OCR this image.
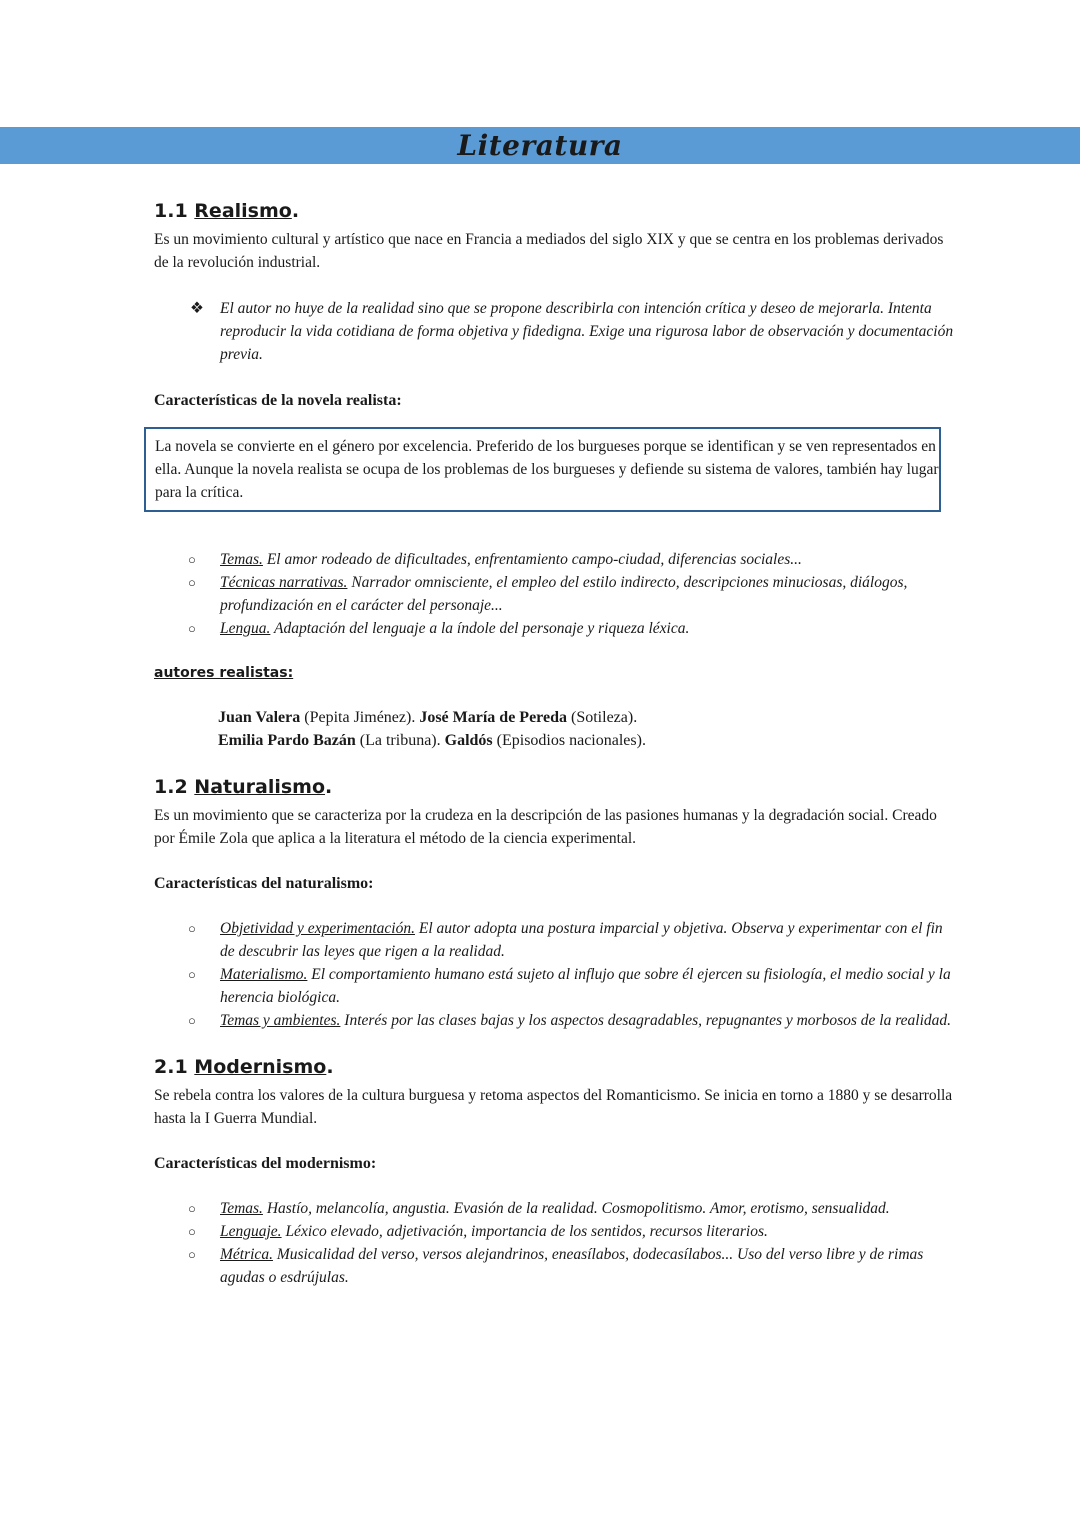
Literatura
1.1 Realismo.

Es un movimiento cultural y artístico que nace en Francia a mediados del siglo XIX y que se centra en los problemas derivados de la revolución industrial.

❖	El autor no huye de la realidad sino que se propone describirla con intención crítica y deseo de mejorarla. Intenta reproducir la vida cotidiana de forma objetiva y fidedigna. Exige una rigurosa labor de observación y documentación previa.

Características de la novela realista:

La novela se convierte en el género por excelencia. Preferido de los burgueses porque se identifican y se ven representados en ella. Aunque la novela realista se ocupa de los problemas de los burgueses y defiende su sistema de valores, también hay lugar para la crítica.
○	Temas. El amor rodeado de dificultades, enfrentamiento campo-ciudad, diferencias sociales...
○	Técnicas narrativas. Narrador omnisciente, el empleo del estilo indirecto, descripciones minuciosas, diálogos, profundización en el carácter del personaje...
○	Lengua. Adaptación del lenguaje a la índole del personaje y riqueza léxica.

autores realistas:

Juan Valera (Pepita Jiménez). José María de Pereda (Sotileza).
Emilia Pardo Bazán (La tribuna). Galdós (Episodios nacionales).
1.2 Naturalismo.

Es un movimiento que se caracteriza por la crudeza en la descripción de las pasiones humanas y la degradación social. Creado por Émile Zola que aplica a la literatura el método de la ciencia experimental.

Características del naturalismo:

○	Objetividad y experimentación. El autor adopta una postura imparcial y objetiva. Observa y experimentar con el fin de descubrir las leyes que rigen a la realidad.
○	Materialismo. El comportamiento humano está sujeto al influjo que sobre él ejercen su fisiología, el medio social y la herencia biológica.
○	Temas y ambientes. Interés por las clases bajas y los aspectos desagradables, repugnantes y morbosos de la realidad.
2.1 Modernismo.

Se rebela contra los valores de la cultura burguesa y retoma aspectos del Romanticismo. Se inicia en torno a 1880 y se desarrolla hasta la I Guerra Mundial.

Características del modernismo:

○	Temas. Hastío, melancolía, angustia. Evasión de la realidad. Cosmopolitismo. Amor, erotismo, sensualidad.
○	Lenguaje. Léxico elevado, adjetivación, importancia de los sentidos, recursos literarios.
○	Métrica. Musicalidad del verso, versos alejandrinos, eneasílabos, dodecasílabos... Uso del verso libre y de rimas agudas o esdrújulas.
